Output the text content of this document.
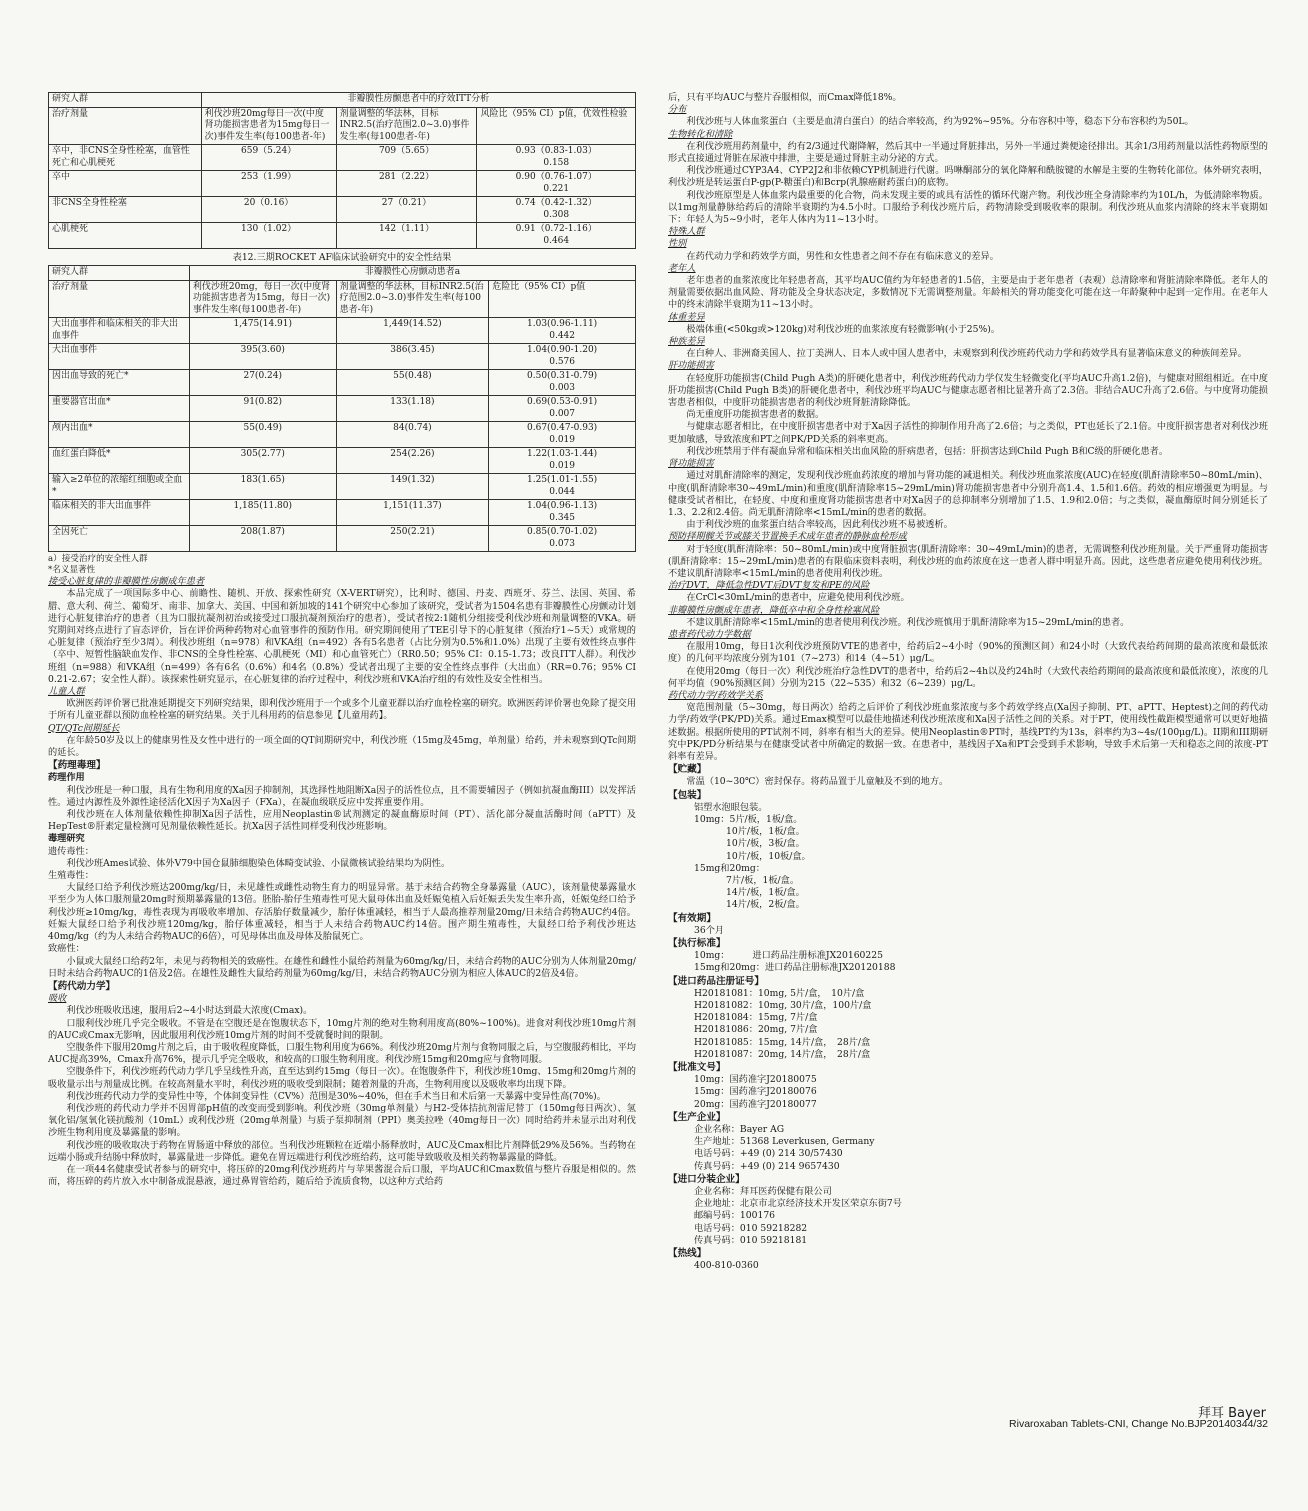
研究人群	非瓣膜性房颤患者中的疗效ITT分析		
治疗剂量	利伐沙班20mg每日一次(中度肾功能损害患者为15mg每日一次)事件发生率(每100患者-年)	剂量调整的华法林，目标INR2.5(治疗范围2.0~3.0)事件发生率(每100患者-年)	风险比（95% CI）p值，优效性检验
卒中，非CNS全身性栓塞，血管性死亡和心肌梗死	659（5.24）	709（5.65）	0.93（0.83-1.03）
0.158

卒中	253（1.99）	281（2.22）	0.90（0.76-1.07）
0.221

非CNS全身性栓塞	20（0.16）	27（0.21）	0.74（0.42-1.32）
0.308

心肌梗死	130（1.02）	142（1.11）	0.91（0.72-1.16）
0.464
表12.三期ROCKET AF临床试验研究中的安全性结果
研究人群	非瓣膜性心房颤动患者a		
治疗剂量	利伐沙班20mg，每日一次(中度肾功能损害患者为15mg，每日一次)事件发生率(每100患者-年)	剂量调整的华法林，目标INR2.5(治疗范围2.0~3.0)事件发生率(每100患者-年)	危险比（95% CI）p值
大出血事件和临床相关的非大出血事件	1,475(14.91)	1,449(14.52)	1.03(0.96-1.11)
0.442

大出血事件	395(3.60)	386(3.45)	1.04(0.90-1.20)
0.576

因出血导致的死亡*	27(0.24)	55(0.48)	0.50(0.31-0.79)
0.003

重要器官出血*	91(0.82)	133(1.18)	0.69(0.53-0.91)
0.007

颅内出血*	55(0.49)	84(0.74)	0.67(0.47-0.93)
0.019

血红蛋白降低*	305(2.77)	254(2.26)	1.22(1.03-1.44)
0.019

输入≥2单位的浓缩红细胞或全血*	183(1.65)	149(1.32)	1.25(1.01-1.55)
0.044

临床相关的非大出血事件	1,185(11.80)	1,151(11.37)	1.04(0.96-1.13)
0.345

全因死亡	208(1.87)	250(2.21)	0.85(0.70-1.02)
0.073
a）接受治疗的安全性人群
*名义显著性
接受心脏复律的非瓣膜性房颤成年患者

本品完成了一项国际多中心、前瞻性、随机、开放、探索性研究（X-VERT研究），比利时、德国、丹麦、西班牙、芬兰、法国、英国、希腊、意大利、荷兰、葡萄牙、南非、加拿大、美国、中国和新加坡的141个研究中心参加了该研究，受试者为1504名患有非瓣膜性心房颤动计划进行心脏复律治疗的患者（且为口服抗凝剂初治或接受过口服抗凝剂预治疗的患者），受试者按2:1随机分组接受利伐沙班和剂量调整的VKA。研究期间对终点进行了盲态评价，旨在评价两种药物对心血管事件的预防作用。研究期间使用了TEE引导下的心脏复律（预治疗1~5天）或常规的心脏复律（预治疗至少3周）。利伐沙班组（n=978）和VKA组（n=492）各有5名患者（占比分别为0.5%和1.0%）出现了主要有效性终点事件（卒中、短暂性脑缺血发作、非CNS的全身性栓塞、心肌梗死（MI）和心血管死亡）（RR0.50；95% CI：0.15-1.73；改良ITT人群）。利伐沙班组（n=988）和VKA组（n=499）各有6名（0.6%）和4名（0.8%）受试者出现了主要的安全性终点事件（大出血）（RR=0.76；95% CI 0.21-2.67；安全性人群）。该探索性研究显示，在心脏复律的治疗过程中，利伐沙班和VKA治疗组的有效性及安全性相当。

儿童人群

欧洲医药评价署已批准延期提交下列研究结果，即利伐沙班用于一个或多个儿童亚群以治疗血栓栓塞的研究。欧洲医药评价署也免除了提交用于所有儿童亚群以预防血栓栓塞的研究结果。关于儿科用药的信息参见【儿童用药】。

QT/QTc间期延长

在年龄50岁及以上的健康男性及女性中进行的一项全面的QT间期研究中，利伐沙班（15mg及45mg，单剂量）给药，并未观察到QTc间期的延长。

【药理毒理】
药理作用

利伐沙班是一种口服，具有生物利用度的Xa因子抑制剂，其选择性地阻断Xa因子的活性位点，且不需要辅因子（例如抗凝血酶III）以发挥活性。通过内源性及外源性途径活化X因子为Xa因子（FXa），在凝血级联反应中发挥重要作用。

利伐沙班在人体剂量依赖性抑制Xa因子活性，应用Neoplastin®试剂测定的凝血酶原时间（PT）、活化部分凝血活酶时间（aPTT）及HepTest®肝素定量检测可见剂量依赖性延长。抗Xa因子活性同样受利伐沙班影响。

毒理研究

遗传毒性：

利伐沙班Ames试验、体外V79中国仓鼠肺细胞染色体畸变试验、小鼠微核试验结果均为阴性。

生殖毒性：

大鼠经口给予利伐沙班达200mg/kg/日，未见雄性或雌性动物生育力的明显异常。基于未结合药物全身暴露量（AUC），该剂量使暴露量水平至少为人体口服剂量20mg时预期暴露量的13倍。胚胎-胎仔生殖毒性可见大鼠母体出血及妊娠兔植入后妊娠丢失发生率升高，妊娠兔经口给予利伐沙班≥10mg/kg，毒性表现为再吸收率增加、存活胎仔数量减少，胎仔体重减轻，相当于人最高推荐剂量20mg/日未结合药物AUC约4倍。妊娠大鼠经口给予利伐沙班120mg/kg，胎仔体重减轻，相当于人未结合药物AUC约14倍。围产期生殖毒性，大鼠经口给予利伐沙班达40mg/kg（约为人未结合药物AUC的6倍），可见母体出血及母体及胎鼠死亡。

致癌性：

小鼠或大鼠经口给药2年，未见与药物相关的致癌性。在雄性和雌性小鼠给药剂量为60mg/kg/日，未结合药物的AUC分别为人体剂量20mg/日时未结合药物AUC的1倍及2倍。在雄性及雌性大鼠给药剂量为60mg/kg/日，未结合药物AUC分别为相应人体AUC的2倍及4倍。

【药代动力学】
吸收

利伐沙班吸收迅速，服用后2~4小时达到最大浓度(Cmax)。

口服利伐沙班几乎完全吸收。不管是在空腹还是在饱腹状态下，10mg片剂的绝对生物利用度高(80%~100%)。进食对利伐沙班10mg片剂的AUC或Cmax无影响，因此服用利伐沙班10mg片剂的时间不受就餐时间的限制。

空腹条件下服用20mg片剂之后，由于吸收程度降低，口服生物利用度为66%。利伐沙班20mg片剂与食物同服之后，与空腹服药相比，平均AUC提高39%，Cmax升高76%，提示几乎完全吸收，和较高的口服生物利用度。利伐沙班15mg和20mg应与食物同服。

空腹条件下，利伐沙班药代动力学几乎呈线性升高，直至达到约15mg（每日一次）。在饱腹条件下，利伐沙班10mg、15mg和20mg片剂的吸收量示出与剂量成比例。在较高剂量水平时，利伐沙班的吸收受到限制；随着剂量的升高，生物利用度以及吸收率均出现下降。

利伐沙班药代动力学的变异性中等，个体间变异性（CV%）范围是30%~40%，但在手术当日和术后第一天暴露中变异性高(70%)。

利伐沙班的药代动力学并不因胃部pH值的改变而受到影响。利伐沙班（30mg单剂量）与H2-受体拮抗剂雷尼替丁（150mg每日两次）、氢氧化铝/氢氧化镁抗酸剂（10mL）或利伐沙班（20mg单剂量）与质子泵抑制剂（PPI）奥美拉唑（40mg每日一次）同时给药并未显示出对利伐沙班生物利用度及暴露量的影响。

利伐沙班的吸收取决于药物在胃肠道中释放的部位。当利伐沙班颗粒在近端小肠释放时，AUC及Cmax相比片剂降低29%及56%。当药物在远端小肠或升结肠中释放时，暴露量进一步降低。避免在胃远端进行利伐沙班给药，这可能导致吸收及相关药物暴露量的降低。

在一项44名健康受试者参与的研究中，将压碎的20mg利伐沙班药片与苹果酱混合后口服，平均AUC和Cmax数值与整片吞服是相似的。然而，将压碎的药片放入水中制备成混悬液，通过鼻胃管给药，随后给予流质食物，以这种方式给药

后，只有平均AUC与整片吞服相似，而Cmax降低18%。

分布

利伐沙班与人体血浆蛋白（主要是血清白蛋白）的结合率较高，约为92%~95%。分布容积中等，稳态下分布容积约为50L。

生物转化和清除

在利伐沙班用药剂量中，约有2/3通过代谢降解，然后其中一半通过肾脏排出，另外一半通过粪便途径排出。其余1/3用药剂量以活性药物原型的形式直接通过肾脏在尿液中排泄，主要是通过肾脏主动分泌的方式。

利伐沙班通过CYP3A4、CYP2J2和非依赖CYP机制进行代谢。吗啉酮部分的氧化降解和酰胺键的水解是主要的生物转化部位。体外研究表明，利伐沙班是转运蛋白P-gp(P-糖蛋白)和Bcrp(乳腺癌耐药蛋白)的底物。

利伐沙班原型是人体血浆内最重要的化合物，尚未发现主要的或具有活性的循环代谢产物。利伐沙班全身清除率约为10L/h，为低清除率物质。以1mg剂量静脉给药后的清除半衰期约为4.5小时。口服给予利伐沙班片后，药物清除受到吸收率的限制。利伐沙班从血浆内清除的终末半衰期如下：年轻人为5~9小时，老年人体内为11~13小时。

特殊人群
性别

在药代动力学和药效学方面，男性和女性患者之间不存在有临床意义的差异。

老年人

老年患者的血浆浓度比年轻患者高，其平均AUC值约为年轻患者的1.5倍，主要是由于老年患者（表观）总清除率和肾脏清除率降低。老年人的剂量需要依据出血风险、肾功能及全身状态决定，多数情况下无需调整剂量。年龄相关的肾功能变化可能在这一年龄聚种中起到一定作用。在老年人中的终末清除半衰期为11~13小时。

体重差异

极端体重(<50kg或>120kg)对利伐沙班的血浆浓度有轻微影响(小于25%)。

种族差异

在白种人、非洲裔美国人、拉丁美洲人、日本人或中国人患者中，未观察到利伐沙班药代动力学和药效学具有显著临床意义的种族间差异。

肝功能损害

在轻度肝功能损害(Child Pugh A类)的肝硬化患者中，利伐沙班药代动力学仅发生轻微变化(平均AUC升高1.2倍)，与健康对照组相近。在中度肝功能损害(Child Pugh B类)的肝硬化患者中，利伐沙班平均AUC与健康志愿者相比显著升高了2.3倍。非结合AUC升高了2.6倍。与中度肾功能损害患者相似，中度肝功能损害患者的利伐沙班肾脏清除降低。

尚无重度肝功能损害患者的数据。

与健康志愿者相比，在中度肝损害患者中对于Xa因子活性的抑制作用升高了2.6倍；与之类似，PT也延长了2.1倍。中度肝损害患者对利伐沙班更加敏感，导致浓度和PT之间PK/PD关系的斜率更高。

利伐沙班禁用于伴有凝血异常和临床相关出血风险的肝病患者，包括：肝损害达到Child Pugh B和C级的肝硬化患者。

肾功能损害

通过对肌酐清除率的测定，发现利伐沙班血药浓度的增加与肾功能的减退相关。利伐沙班血浆浓度(AUC)在轻度(肌酐清除率50~80mL/min)、中度(肌酐清除率30~49mL/min)和重度(肌酐清除率15~29mL/min)肾功能损害患者中分别升高1.4、1.5和1.6倍。药效的相应增强更为明显。与健康受试者相比，在轻度、中度和重度肾功能损害患者中对Xa因子的总抑制率分别增加了1.5、1.9和2.0倍；与之类似，凝血酶原时间分别延长了1.3、2.2和2.4倍。尚无肌酐清除率<15mL/min的患者的数据。

由于利伐沙班的血浆蛋白结合率较高，因此利伐沙班不易被透析。

预防择期髋关节或膝关节置换手术成年患者的静脉血栓形成

对于轻度(肌酐清除率：50~80mL/min)或中度肾脏损害(肌酐清除率：30~49mL/min)的患者，无需调整利伐沙班剂量。关于严重肾功能损害(肌酐清除率：15~29mL/min)患者的有限临床资料表明，利伐沙班的血药浓度在这一患者人群中明显升高。因此，这些患者应避免使用利伐沙班。不建议肌酐清除率<15mL/min的患者使用利伐沙班。

治疗DVT，降低急性DVT后DVT复发和PE的风险

在CrCl<30mL/min的患者中，应避免使用利伐沙班。

非瓣膜性房颤成年患者，降低卒中和全身性栓塞风险

不建议肌酐清除率<15mL/min的患者使用利伐沙班。利伐沙班慎用于肌酐清除率为15~29mL/min的患者。

患者药代动力学数据

在服用10mg，每日1次利伐沙班预防VTE的患者中，给药后2~4小时（90%的预测区间）和24小时（大致代表给药间期的最高浓度和最低浓度）的几何平均浓度分别为101（7~273）和14（4~51）μg/L。

在使用20mg（每日一次）利伐沙班治疗急性DVT的患者中，给药后2~4h以及约24h时（大致代表给药期间的最高浓度和最低浓度），浓度的几何平均值（90%预测区间）分别为215（22~535）和32（6~239）μg/L。

药代动力学/药效学关系

宽范围剂量（5~30mg，每日两次）给药之后评价了利伐沙班血浆浓度与多个药效学终点(Xa因子抑制、PT、aPTT、Heptest)之间的药代动力学/药效学(PK/PD)关系。通过Emax模型可以最佳地描述利伐沙班浓度和Xa因子活性之间的关系。对于PT，使用线性截距模型通常可以更好地描述数据。根据所使用的PT试剂不同，斜率有相当大的差异。使用Neoplastin®PT时，基线PT约为13s，斜率约为3~4s/(100μg/L)。II期和III期研究中PK/PD分析结果与在健康受试者中所确定的数据一致。在患者中，基线因子Xa和PT会受到手术影响，导致手术后第一天和稳态之间的浓度-PT斜率有差异。

【贮藏】

常温（10~30℃）密封保存。将药品置于儿童触及不到的地方。

【包装】
铝塑水泡眼包装。
10mg：5片/板，1板/盒。
10片/板，1板/盒。
10片/板，3板/盒。
10片/板，10板/盒。
15mg和20mg：
7片/板，1板/盒。
14片/板，1板/盒。
14片/板，2板/盒。
【有效期】
36个月
【执行标准】
10mg：　　　进口药品注册标准JX20160225
15mg和20mg：进口药品注册标准JX20120188
【进口药品注册证号】
H20181081：10mg, 5片/盒，　10片/盒
H20181082：10mg, 30片/盒，100片/盒
H20181084：15mg, 7片/盒
H20181086：20mg, 7片/盒
H20181085：15mg, 14片/盒，　28片/盒
H20181087：20mg, 14片/盒，　28片/盒
【批准文号】
10mg：国药准字J20180075
15mg：国药准字J20180076
20mg：国药准字J20180077
【生产企业】
企业名称：Bayer AG
生产地址：51368 Leverkusen, Germany
电话号码：+49 (0) 214 30/57430
传真号码：+49 (0) 214 9657430
【进口分装企业】
企业名称：拜耳医药保健有限公司
企业地址：北京市北京经济技术开发区荣京东街7号
邮编号码：100176
电话号码：010 59218282
传真号码：010 59218181
【热线】
400-810-0360
拜耳 Bayer
Rivaroxaban Tablets-CNI, Change No.BJP20140344/32
